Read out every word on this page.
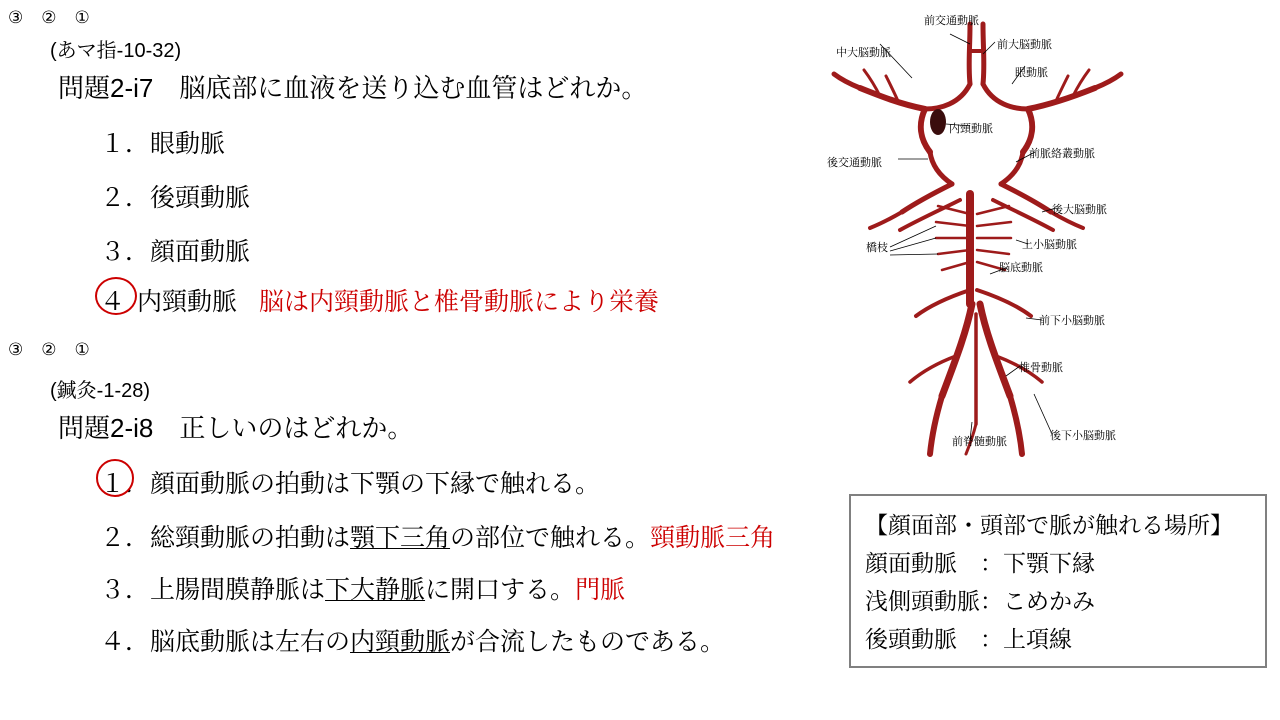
③ ② ①
(あマ指-10-32)
問題2-i7　脳底部に血液を送り込む血管はどれか。
１．眼動脈
２．後頭動脈
３．顔面動脈
４ 内頸動脈 脳は内頸動脈と椎骨動脈により栄養
③ ② ①
(鍼灸-1-28)
問題2-i8　正しいのはどれか。
１．顔面動脈の拍動は下顎の下縁で触れる。
２．総頸動脈の拍動は顎下三角の部位で触れる。頸動脈三角
３．上腸間膜静脈は下大静脈に開口する。門脈
４．脳底動脈は左右の内頸動脈が合流したものである。
前交通動脈
前大脳動脈
中大脳動脈
眼動脈
内頸動脈
前脈絡叢動脈
後交通動脈
後大脳動脈
上小脳動脈
橋枝
脳底動脈
前下小脳動脈
椎骨動脈
前脊髄動脈	後下小脳動脈
【顔面部・頭部で脈が触れる場所】
顔面動脈　：下顎下縁
浅側頭動脈：こめかみ
後頭動脈　：上項線
